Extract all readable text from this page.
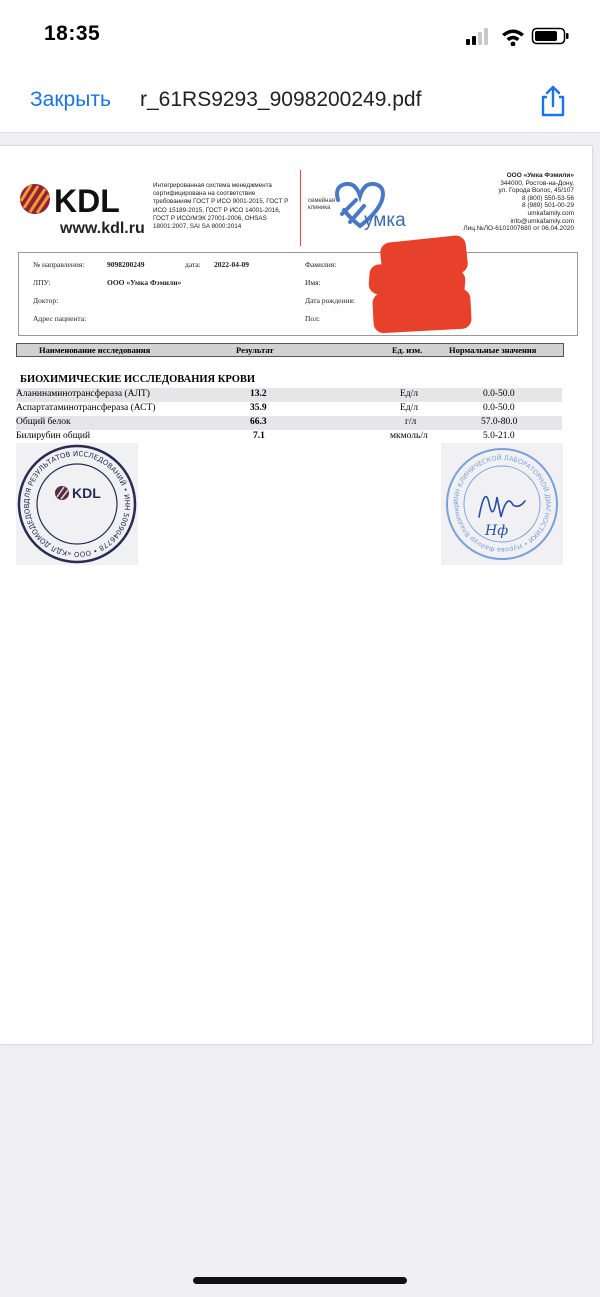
18:35
Закрыть r_61RS9293_9098200249.pdf
KDL
www.kdl.ru
Интегрированная система менеджмента сертифицирована на соответствие требованиям ГОСТ Р ИСО 9001-2015, ГОСТ Р ИСО 15189-2015, ГОСТ Р ИСО 14001-2016, ГОСТ Р ИСО/МЭК 27001-2006, OHSAS 18001:2007, SAI SA 8000:2014
семейная клиника
умка
ООО «Умка Фэмили»
344000, Ростов-на-Дону,
ул. Города Волос, 45/107
8 (800) 550-53-56
8 (989) 501-00-29
umkafamily.com
info@umkafamily.com
Лиц.№ЛО-6101007680 от 06.04.2020
№ направления:	9098200249	дата: 2022-04-09	Фамилия:
ЛПУ:	ООО «Умка Фэмили»	Имя:
Доктор:	Дата рождения:
Адрес пациента:	Пол:
Наименование исследования	Результат	Ед. изм.	Нормальные значения
БИОХИМИЧЕСКИЕ ИССЛЕДОВАНИЯ КРОВИ
Аланинаминотрансфераза (АЛТ)	13.2	Ед/л	0.0-50.0
Аспартатаминотрансфераза (АСТ)	35.9	Ед/л	0.0-50.0
Общий белок	66.3	г/л	57.0-80.0
Билирубин общий	7.1	мкмоль/л	5.0-21.0
ДЛЯ РЕЗУЛЬТАТОВ ИССЛЕДОВАНИЙ • ИНН 5009046778 • ООО «КДЛ ДОМОДЕДОВ
KDL
ИНН КЛИНИЧЕСКОЙ ЛАБОРАТОРНОЙ ДИАГНОСТИКИ • Нурова Файнур Владимир
Нф
